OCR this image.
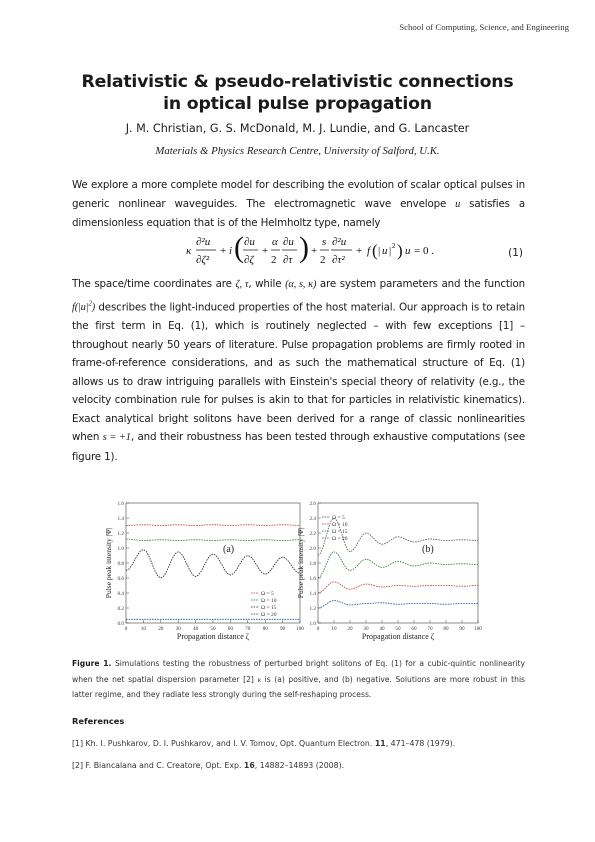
School of Computing, Science, and Engineering
Relativistic & pseudo-relativistic connections
in optical pulse propagation
J. M. Christian, G. S. McDonald, M. J. Lundie, and G. Lancaster
Materials & Physics Research Centre, University of Salford, U.K.
We explore a more complete model for describing the evolution of scalar optical pulses in generic nonlinear waveguides. The electromagnetic wave envelope u satisfies a dimensionless equation that is of the Helmholtz type, namely
κ
∂²u
∂ζ²
+ i ( ∂u
∂ζ
+
α
2
∂u
∂τ ) +
s
2
∂²u
∂τ²
+ f ( | u | 2 ) u = 0 .	(1)
The space/time coordinates are ζ, τ, while (α, s, κ) are system parameters and the function $f(|u|^2)$ describes the light-induced properties of the host material. Our approach is to retain the first term in Eq. (1), which is routinely neglected – with few exceptions [1] – throughout nearly 50 years of literature. Pulse propagation problems are firmly rooted in frame-of-reference considerations, and as such the mathematical structure of Eq. (1) allows us to draw intriguing parallels with Einstein's special theory of relativity (e.g., the velocity combination rule for pulses is akin to that for particles in relativistic kinematics). Exact analytical bright solitons have been derived for a range of classic nonlinearities when s = +1, and their robustness has been tested through exhaustive computations (see figure 1).
1.6
1.4
1.2
1.0
0.8
0.6
0.4
0.2
0.0
0	10 20 30 40 50 60 70 80 90 100
Propagation distance ζ
Pulse peak intensity |Ψ|	(a)
Ω = 5
Ω = 10
Ω = 15
Ω = 20
2.6
2.4
2.2
2.0
1.8
1.6
1.4
1.2
1.0
0 10 20 30 40 50 60 70 80 90 100
Propagation distance ζ
Pulse peak intensity |Ψ|	(b)
Ω = 5
Ω = 10
Ω = 15
Ω = 20
Figure 1. Simulations testing the robustness of perturbed bright solitons of Eq. (1) for a cubic-quintic nonlinearity when the net spatial dispersion parameter [2] κ is (a) positive, and (b) negative. Solutions are more robust in this latter regime, and they radiate less strongly during the self-reshaping process.
References
[1] Kh. I. Pushkarov, D. I. Pushkarov, and I. V. Tomov, Opt. Quantum Electron. 11, 471–478 (1979).
[2] F. Biancalana and C. Creatore, Opt. Exp. 16, 14882–14893 (2008).
